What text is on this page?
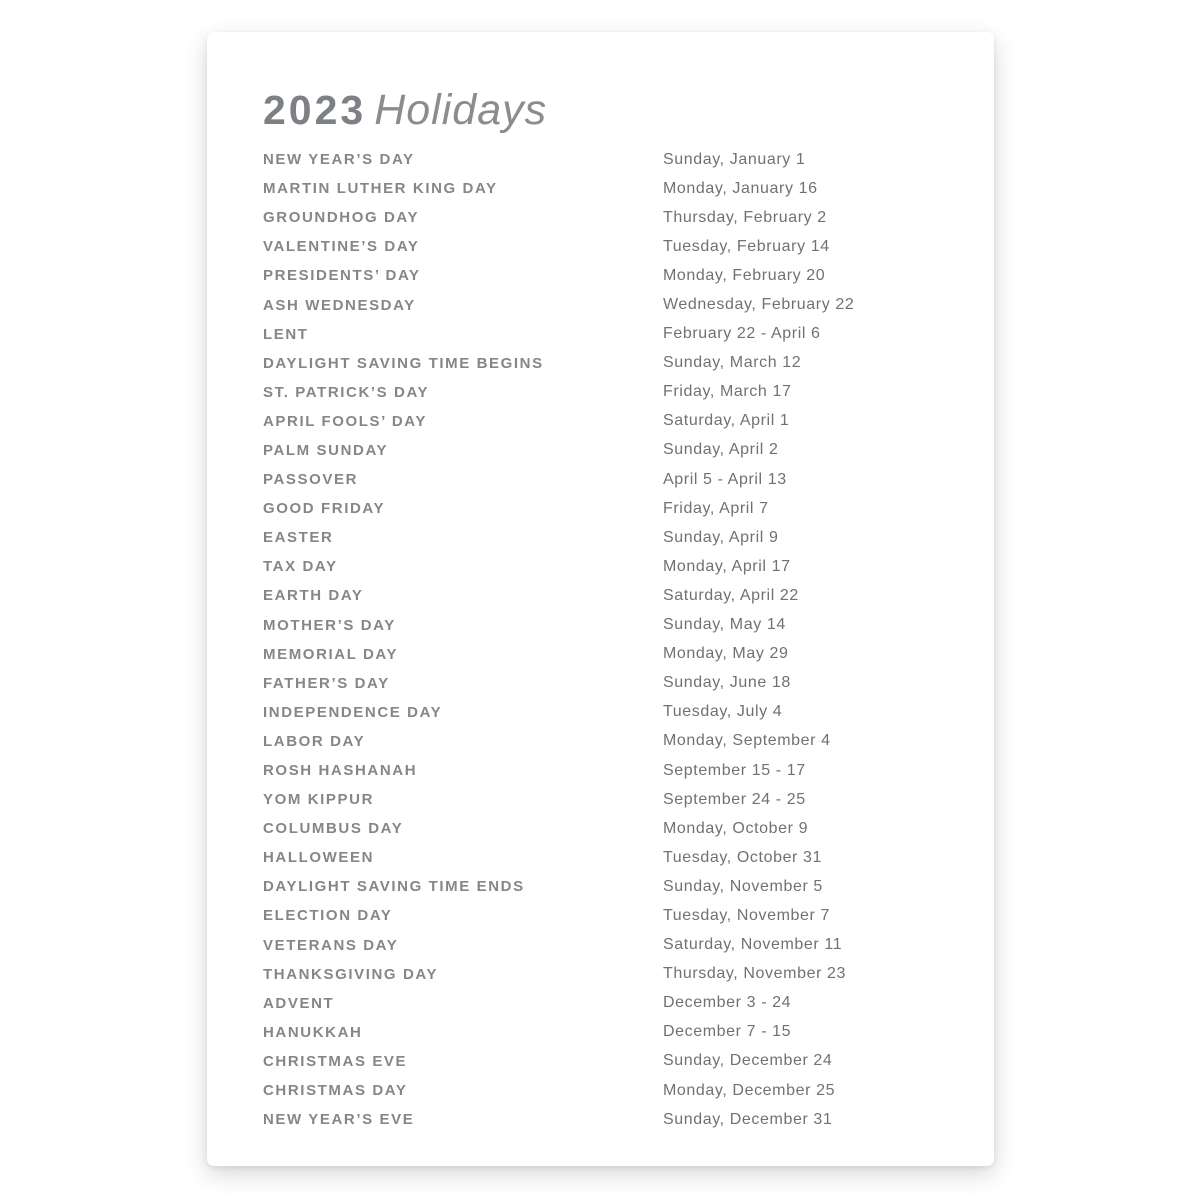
2023 Holidays
NEW YEAR’S DAY	Sunday, January 1
MARTIN LUTHER KING DAY	Monday, January 16
GROUNDHOG DAY	Thursday, February 2
VALENTINE’S DAY	Tuesday, February 14
PRESIDENTS’ DAY	Monday, February 20
ASH WEDNESDAY	Wednesday, February 22
LENT	February 22 - April 6
DAYLIGHT SAVING TIME BEGINS	Sunday, March 12
ST. PATRICK’S DAY	Friday, March 17
APRIL FOOLS’ DAY	Saturday, April 1
PALM SUNDAY	Sunday, April 2
PASSOVER	April 5 - April 13
GOOD FRIDAY	Friday, April 7
EASTER	Sunday, April 9
TAX DAY	Monday, April 17
EARTH DAY	Saturday, April 22
MOTHER’S DAY	Sunday, May 14
MEMORIAL DAY	Monday, May 29
FATHER’S DAY	Sunday, June 18
INDEPENDENCE DAY	Tuesday, July 4
LABOR DAY	Monday, September 4
ROSH HASHANAH	September 15 - 17
YOM KIPPUR	September 24 - 25
COLUMBUS DAY	Monday, October 9
HALLOWEEN	Tuesday, October 31
DAYLIGHT SAVING TIME ENDS	Sunday, November 5
ELECTION DAY	Tuesday, November 7
VETERANS DAY	Saturday, November 11
THANKSGIVING DAY	Thursday, November 23
ADVENT	December 3 - 24
HANUKKAH	December 7 - 15
CHRISTMAS EVE	Sunday, December 24
CHRISTMAS DAY	Monday, December 25
NEW YEAR’S EVE	Sunday, December 31
